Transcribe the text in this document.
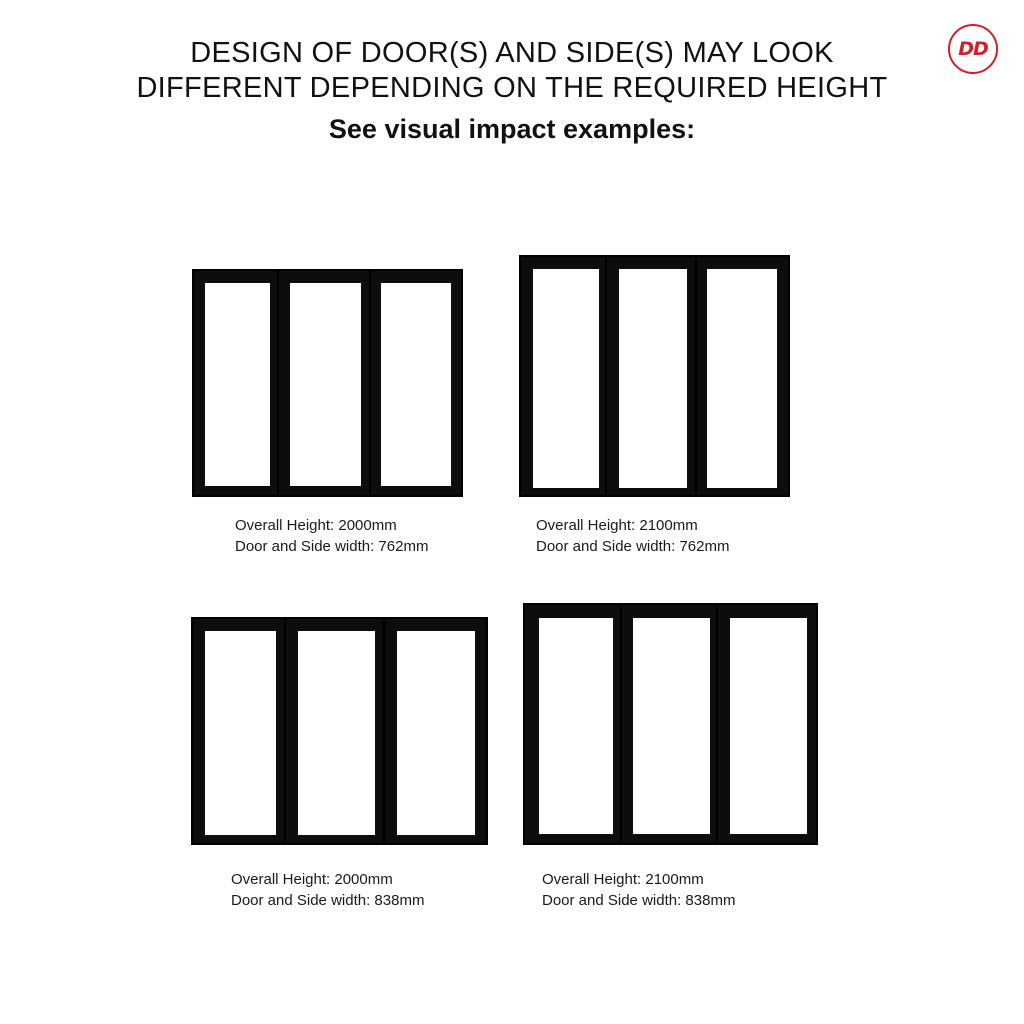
DESIGN OF DOOR(S) AND SIDE(S) MAY LOOK

DIFFERENT DEPENDING ON THE REQUIRED HEIGHT

See visual impact examples:

DD
Overall Height: 2000mm
Door and Side width: 762mm
Overall Height: 2100mm
Door and Side width: 762mm
Overall Height: 2000mm
Door and Side width: 838mm
Overall Height: 2100mm
Door and Side width: 838mm
